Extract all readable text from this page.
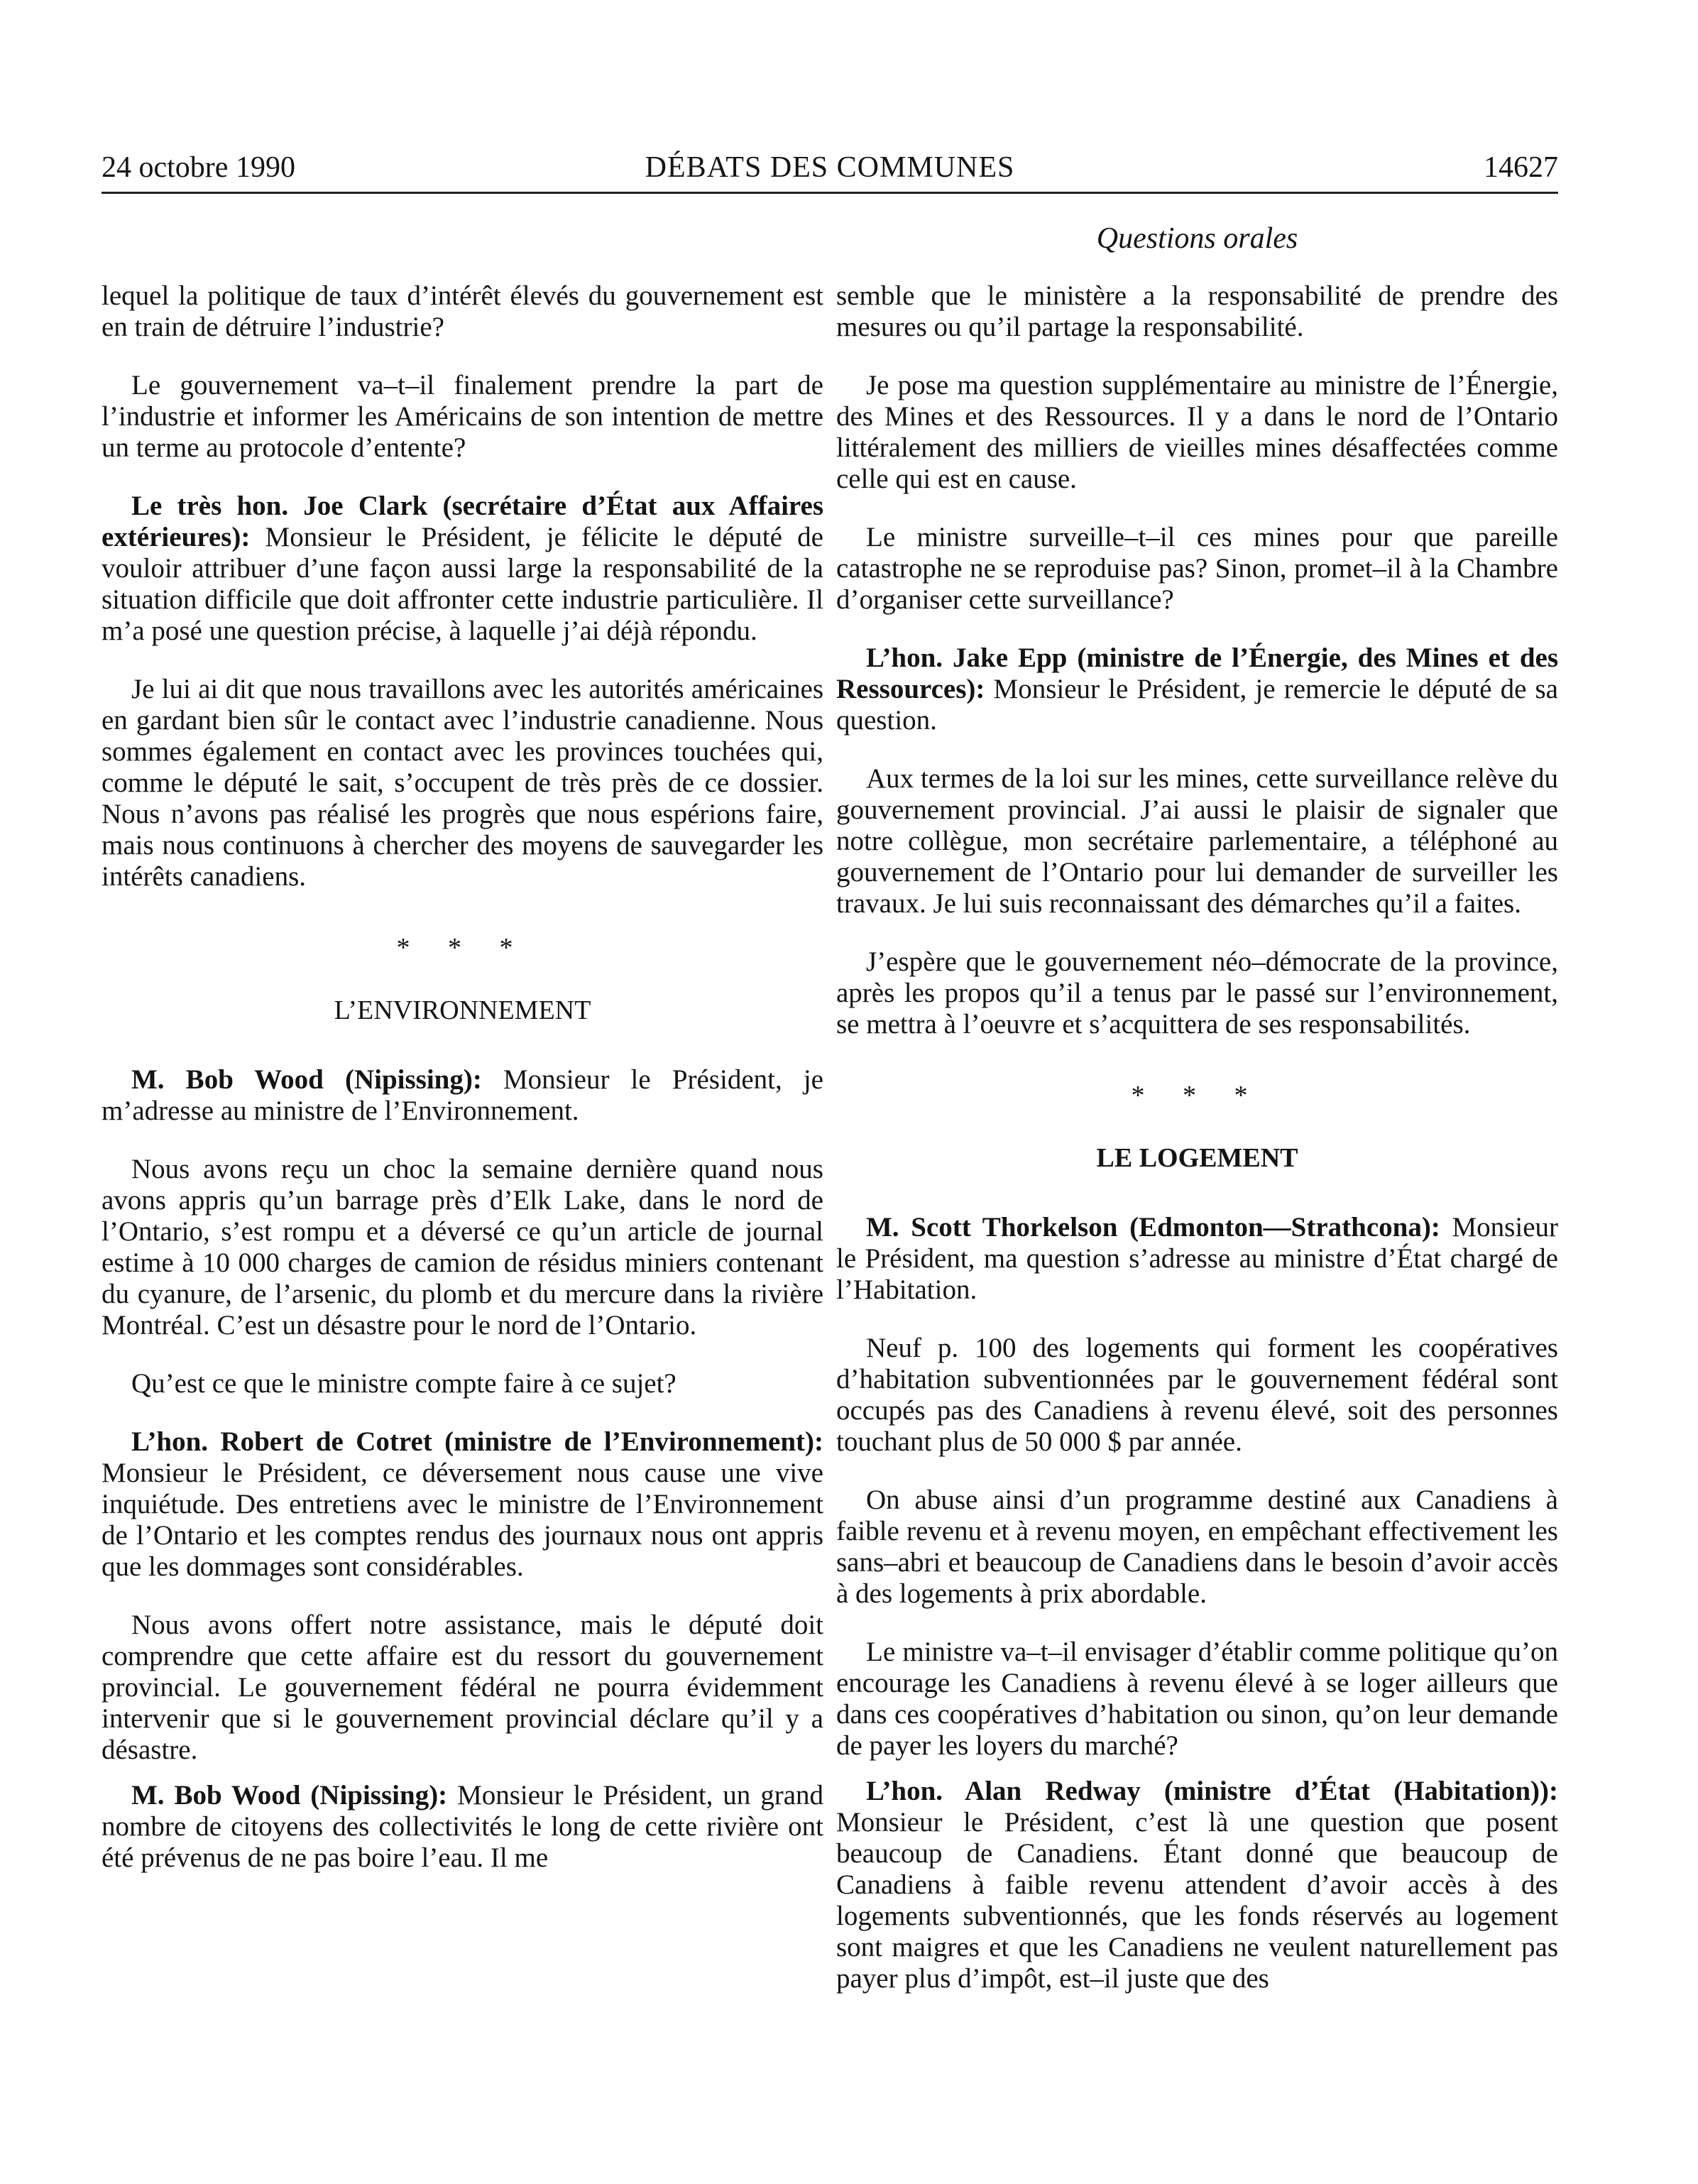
24 octobre 1990	DÉBATS DES COMMUNES	14627
Questions orales

lequel la politique de taux d’intérêt élevés du gouvernement est en train de détruire l’industrie?

Le gouvernement va–t–il finalement prendre la part de l’industrie et informer les Américains de son intention de mettre un terme au protocole d’entente?

Le très hon. Joe Clark (secrétaire d’État aux Affaires extérieures): Monsieur le Président, je félicite le député de vouloir attribuer d’une façon aussi large la responsabilité de la situation difficile que doit affronter cette industrie particulière. Il m’a posé une question précise, à laquelle j’ai déjà répondu.

Je lui ai dit que nous travaillons avec les autorités américaines en gardant bien sûr le contact avec l’industrie canadienne. Nous sommes également en contact avec les provinces touchées qui, comme le député le sait, s’occupent de très près de ce dossier. Nous n’avons pas réalisé les progrès que nous espérions faire, mais nous continuons à chercher des moyens de sauvegarder les intérêts canadiens.

* * *
L’ENVIRONNEMENT

M. Bob Wood (Nipissing): Monsieur le Président, je m’adresse au ministre de l’Environnement.

Nous avons reçu un choc la semaine dernière quand nous avons appris qu’un barrage près d’Elk Lake, dans le nord de l’Ontario, s’est rompu et a déversé ce qu’un article de journal estime à 10 000 charges de camion de résidus miniers contenant du cyanure, de l’arsenic, du plomb et du mercure dans la rivière Montréal. C’est un désastre pour le nord de l’Ontario.

Qu’est ce que le ministre compte faire à ce sujet?

L’hon. Robert de Cotret (ministre de l’Environnement): Monsieur le Président, ce déversement nous cause une vive inquiétude. Des entretiens avec le ministre de l’Environnement de l’Ontario et les comptes rendus des journaux nous ont appris que les dommages sont considérables.

Nous avons offert notre assistance, mais le député doit comprendre que cette affaire est du ressort du gouvernement provincial. Le gouvernement fédéral ne pourra évidemment intervenir que si le gouvernement provincial déclare qu’il y a désastre.

M. Bob Wood (Nipissing): Monsieur le Président, un grand nombre de citoyens des collectivités le long de cette rivière ont été prévenus de ne pas boire l’eau. Il me

semble que le ministère a la responsabilité de prendre des mesures ou qu’il partage la responsabilité.

Je pose ma question supplémentaire au ministre de l’Énergie, des Mines et des Ressources. Il y a dans le nord de l’Ontario littéralement des milliers de vieilles mines désaffectées comme celle qui est en cause.

Le ministre surveille–t–il ces mines pour que pareille catastrophe ne se reproduise pas? Sinon, promet–il à la Chambre d’organiser cette surveillance?

L’hon. Jake Epp (ministre de l’Énergie, des Mines et des Ressources): Monsieur le Président, je remercie le député de sa question.

Aux termes de la loi sur les mines, cette surveillance relève du gouvernement provincial. J’ai aussi le plaisir de signaler que notre collègue, mon secrétaire parlementaire, a téléphoné au gouvernement de l’Ontario pour lui demander de surveiller les travaux. Je lui suis reconnaissant des démarches qu’il a faites.

J’espère que le gouvernement néo–démocrate de la province, après les propos qu’il a tenus par le passé sur l’environnement, se mettra à l’oeuvre et s’acquittera de ses responsabilités.

* * *
LE LOGEMENT

M. Scott Thorkelson (Edmonton—Strathcona): Monsieur le Président, ma question s’adresse au ministre d’État chargé de l’Habitation.

Neuf p. 100 des logements qui forment les coopératives d’habitation subventionnées par le gouvernement fédéral sont occupés pas des Canadiens à revenu élevé, soit des personnes touchant plus de 50 000 $ par année.

On abuse ainsi d’un programme destiné aux Canadiens à faible revenu et à revenu moyen, en empêchant effectivement les sans–abri et beaucoup de Canadiens dans le besoin d’avoir accès à des logements à prix abordable.

Le ministre va–t–il envisager d’établir comme politique qu’on encourage les Canadiens à revenu élevé à se loger ailleurs que dans ces coopératives d’habitation ou sinon, qu’on leur demande de payer les loyers du marché?

L’hon. Alan Redway (ministre d’État (Habitation)): Monsieur le Président, c’est là une question que posent beaucoup de Canadiens. Étant donné que beaucoup de Canadiens à faible revenu attendent d’avoir accès à des logements subventionnés, que les fonds réservés au logement sont maigres et que les Canadiens ne veulent naturellement pas payer plus d’impôt, est–il juste que des
